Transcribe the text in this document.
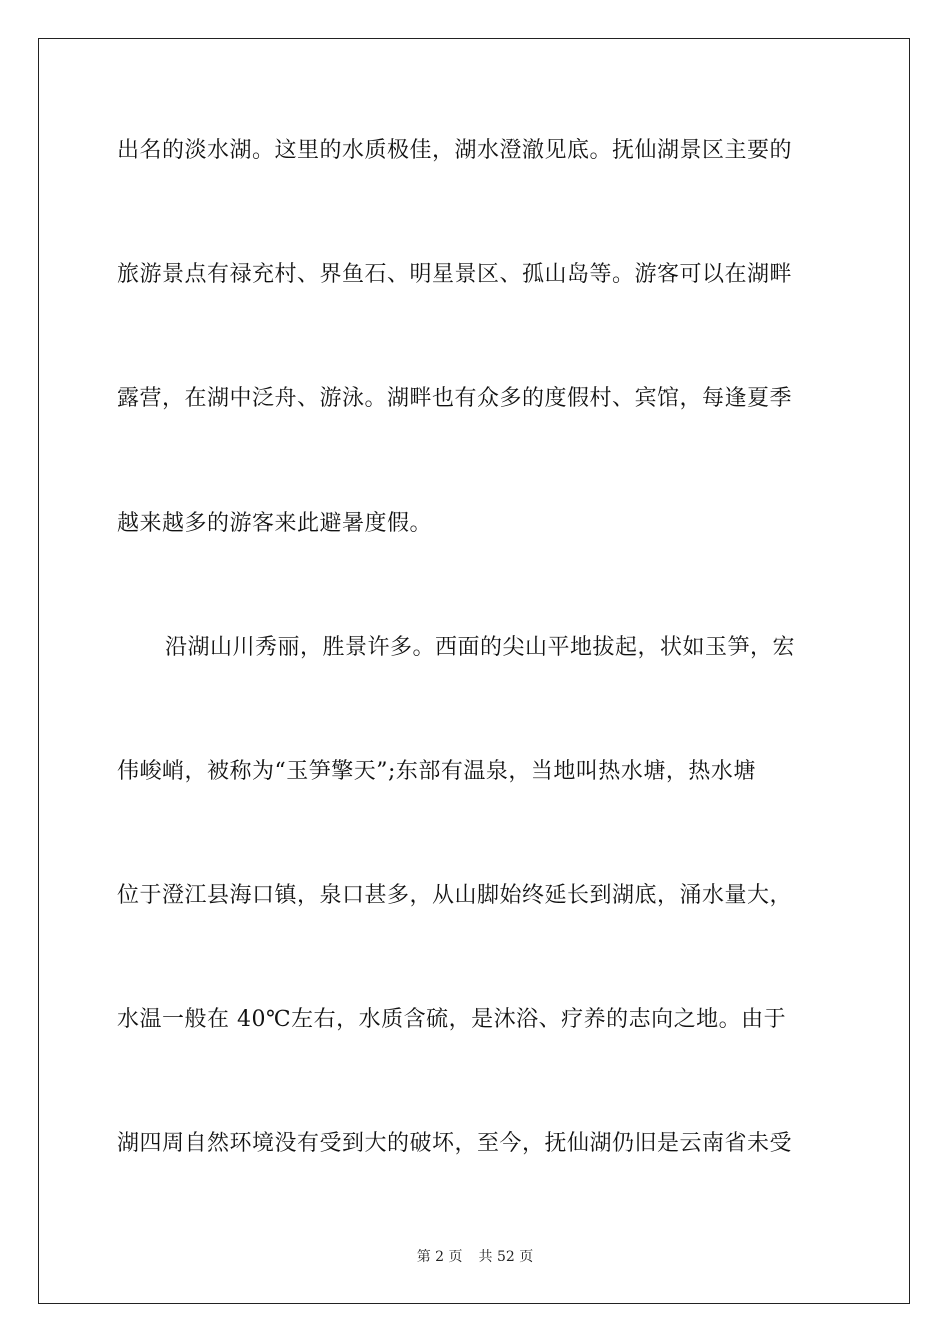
出名的淡水湖。这里的水质极佳，湖水澄澈见底。抚仙湖景区主要的
旅游景点有禄充村、界鱼石、明星景区、孤山岛等。游客可以在湖畔
露营，在湖中泛舟、游泳。湖畔也有众多的度假村、宾馆，每逢夏季
越来越多的游客来此避暑度假。
沿湖山川秀丽，胜景许多。西面的尖山平地拔起，状如玉笋，宏
伟峻峭，被称为“玉笋擎天”;东部有温泉，当地叫热水塘，热水塘
位于澄江县海口镇，泉口甚多，从山脚始终延长到湖底，涌水量大，
水温一般在 40℃左右，水质含硫，是沐浴、疗养的志向之地。由于
湖四周自然环境没有受到大的破坏，至今，抚仙湖仍旧是云南省未受
第 2 页 共 52 页
